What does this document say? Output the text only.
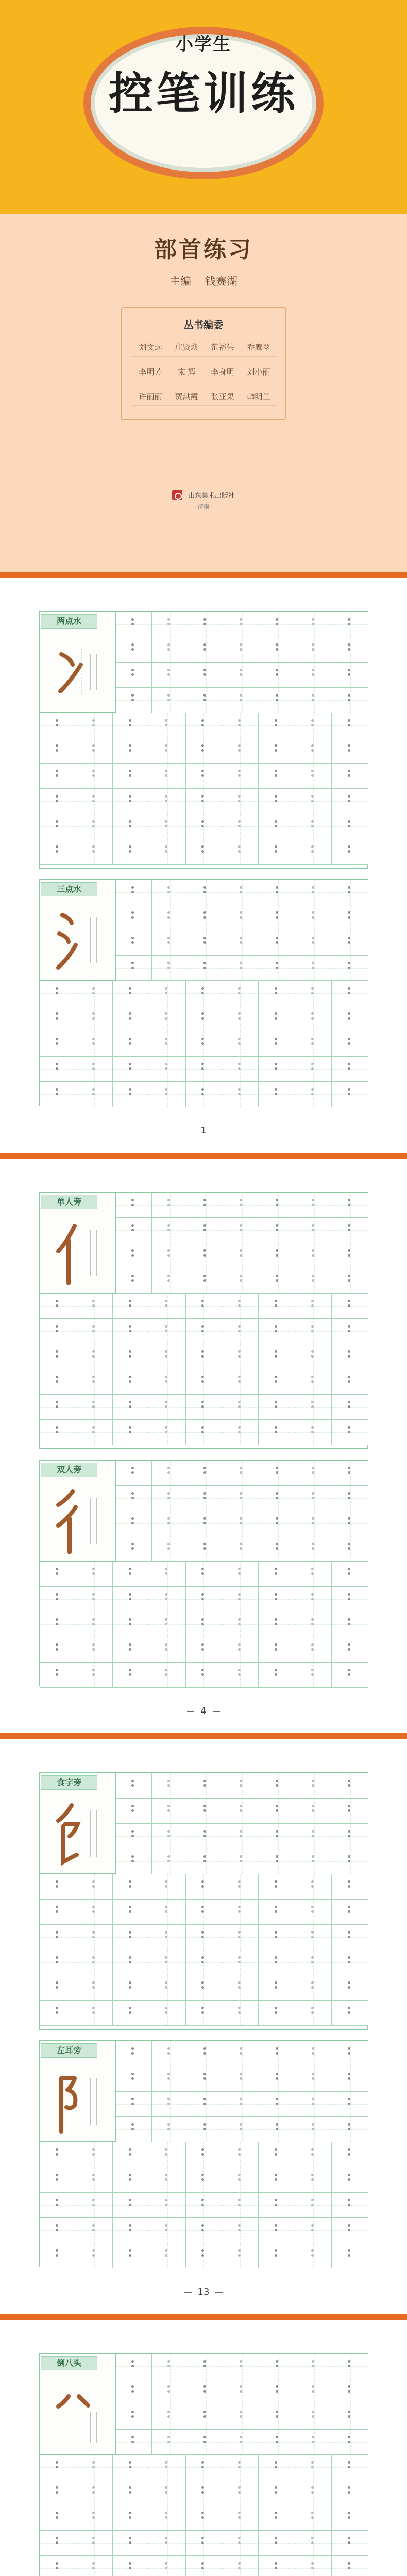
小学生
控笔训练
部首练习
主编 钱赛湖
丛书编委
刘文远	庄贤焕	范裕伟	乔鹰翠
李明芳	宋 辉	李身明	刘小丽
许丽丽	贾洪霞	张亚果	韩明兰
山东美术出版社
· 济南 ·
两点水
三点水
1
单人旁
双人旁
4
食字旁
左耳旁
13
倒八头
